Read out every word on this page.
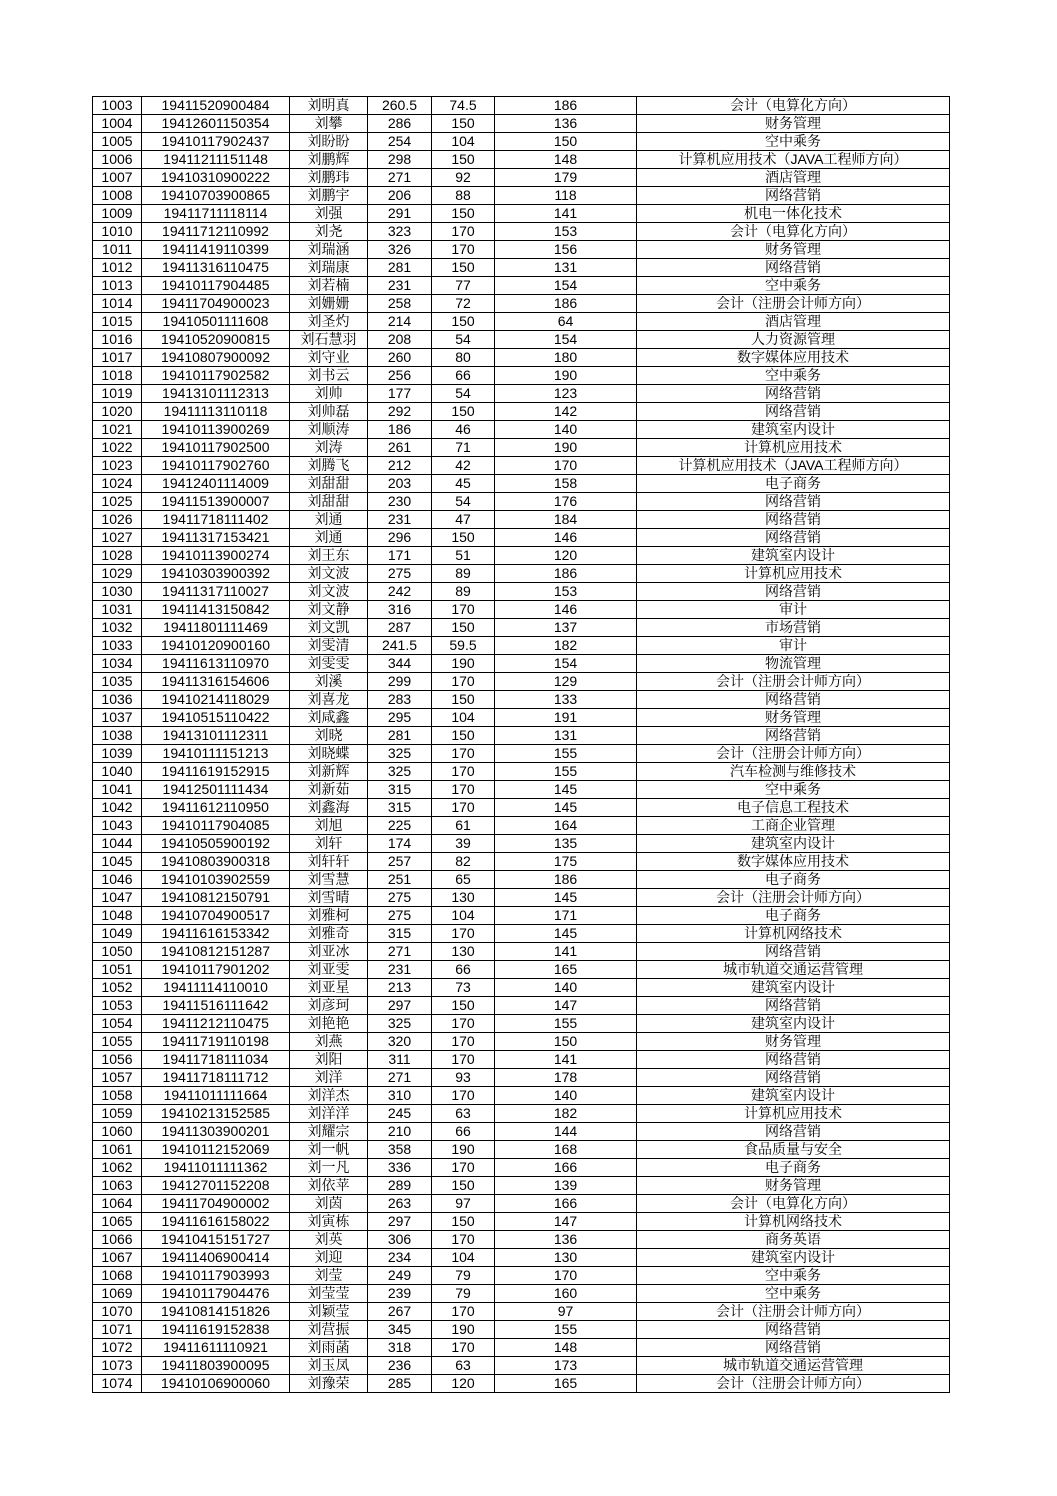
1003	19411520900484	刘明真	260.5	74.5	186	会计（电算化方向）
1004	19412601150354	刘攀	286	150	136	财务管理
1005	19410117902437	刘盼盼	254	104	150	空中乘务
1006	19411211151148	刘鹏辉	298	150	148	计算机应用技术（JAVA工程师方向）
1007	19410310900222	刘鹏玮	271	92	179	酒店管理
1008	19410703900865	刘鹏宇	206	88	118	网络营销
1009	19411711118114	刘强	291	150	141	机电一体化技术
1010	19411712110992	刘尧	323	170	153	会计（电算化方向）
1011	19411419110399	刘瑞涵	326	170	156	财务管理
1012	19411316110475	刘瑞康	281	150	131	网络营销
1013	19410117904485	刘若楠	231	77	154	空中乘务
1014	19411704900023	刘姗姗	258	72	186	会计（注册会计师方向）
1015	19410501111608	刘圣灼	214	150	64	酒店管理
1016	19410520900815	刘石慧羽	208	54	154	人力资源管理
1017	19410807900092	刘守业	260	80	180	数字媒体应用技术
1018	19410117902582	刘书云	256	66	190	空中乘务
1019	19413101112313	刘帅	177	54	123	网络营销
1020	19411113110118	刘帅磊	292	150	142	网络营销
1021	19410113900269	刘顺涛	186	46	140	建筑室内设计
1022	19410117902500	刘涛	261	71	190	计算机应用技术
1023	19410117902760	刘腾飞	212	42	170	计算机应用技术（JAVA工程师方向）
1024	19412401114009	刘甜甜	203	45	158	电子商务
1025	19411513900007	刘甜甜	230	54	176	网络营销
1026	19411718111402	刘通	231	47	184	网络营销
1027	19411317153421	刘通	296	150	146	网络营销
1028	19410113900274	刘王东	171	51	120	建筑室内设计
1029	19410303900392	刘文波	275	89	186	计算机应用技术
1030	19411317110027	刘文波	242	89	153	网络营销
1031	19411413150842	刘文静	316	170	146	审计
1032	19411801111469	刘文凯	287	150	137	市场营销
1033	19410120900160	刘雯清	241.5	59.5	182	审计
1034	19411613110970	刘雯雯	344	190	154	物流管理
1035	19411316154606	刘溪	299	170	129	会计（注册会计师方向）
1036	19410214118029	刘喜龙	283	150	133	网络营销
1037	19410515110422	刘咸鑫	295	104	191	财务管理
1038	19413101112311	刘晓	281	150	131	网络营销
1039	19410111151213	刘晓蝶	325	170	155	会计（注册会计师方向）
1040	19411619152915	刘新辉	325	170	155	汽车检测与维修技术
1041	19412501111434	刘新茹	315	170	145	空中乘务
1042	19411612110950	刘鑫海	315	170	145	电子信息工程技术
1043	19410117904085	刘旭	225	61	164	工商企业管理
1044	19410505900192	刘轩	174	39	135	建筑室内设计
1045	19410803900318	刘轩轩	257	82	175	数字媒体应用技术
1046	19410103902559	刘雪慧	251	65	186	电子商务
1047	19410812150791	刘雪晴	275	130	145	会计（注册会计师方向）
1048	19410704900517	刘雅柯	275	104	171	电子商务
1049	19411616153342	刘雅奇	315	170	145	计算机网络技术
1050	19410812151287	刘亚冰	271	130	141	网络营销
1051	19410117901202	刘亚雯	231	66	165	城市轨道交通运营管理
1052	19411114110010	刘亚星	213	73	140	建筑室内设计
1053	19411516111642	刘彦珂	297	150	147	网络营销
1054	19411212110475	刘艳艳	325	170	155	建筑室内设计
1055	19411719110198	刘燕	320	170	150	财务管理
1056	19411718111034	刘阳	311	170	141	网络营销
1057	19411718111712	刘洋	271	93	178	网络营销
1058	19411011111664	刘洋杰	310	170	140	建筑室内设计
1059	19410213152585	刘洋洋	245	63	182	计算机应用技术
1060	19411303900201	刘耀宗	210	66	144	网络营销
1061	19410112152069	刘一帆	358	190	168	食品质量与安全
1062	19411011111362	刘一凡	336	170	166	电子商务
1063	19412701152208	刘依苹	289	150	139	财务管理
1064	19411704900002	刘茵	263	97	166	会计（电算化方向）
1065	19411616158022	刘寅栋	297	150	147	计算机网络技术
1066	19410415151727	刘英	306	170	136	商务英语
1067	19411406900414	刘迎	234	104	130	建筑室内设计
1068	19410117903993	刘莹	249	79	170	空中乘务
1069	19410117904476	刘莹莹	239	79	160	空中乘务
1070	19410814151826	刘颖莹	267	170	97	会计（注册会计师方向）
1071	19411619152838	刘营振	345	190	155	网络营销
1072	19411611110921	刘雨菡	318	170	148	网络营销
1073	19411803900095	刘玉凤	236	63	173	城市轨道交通运营管理
1074	19410106900060	刘豫荣	285	120	165	会计（注册会计师方向）
